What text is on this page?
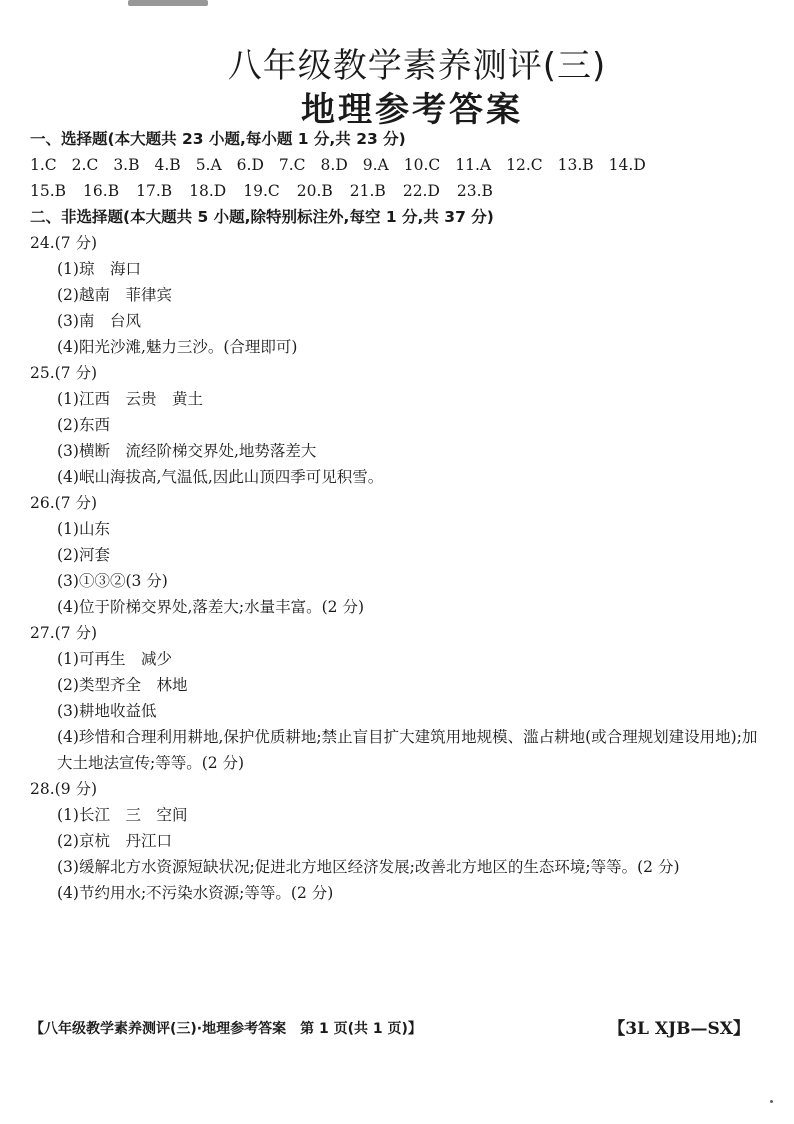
八年级教学素养测评(三)
地理参考答案
一、选择题(本大题共 23 小题,每小题 1 分,共 23 分)
1.C 2.C 3.B 4.B 5.A 6.D 7.C 8.D 9.A 10.C 11.A 12.C 13.B 14.D
15.B 16.B 17.B 18.D 19.C 20.B 21.B 22.D 23.B
二、非选择题(本大题共 5 小题,除特别标注外,每空 1 分,共 37 分)
24.(7 分)
(1)琼　海口
(2)越南　菲律宾
(3)南　台风
(4)阳光沙滩,魅力三沙。(合理即可)
25.(7 分)
(1)江西　云贵　黄土
(2)东西
(3)横断　流经阶梯交界处,地势落差大
(4)岷山海拔高,气温低,因此山顶四季可见积雪。
26.(7 分)
(1)山东
(2)河套
(3)①③②(3 分)
(4)位于阶梯交界处,落差大;水量丰富。(2 分)
27.(7 分)
(1)可再生　减少
(2)类型齐全　林地
(3)耕地收益低
(4)珍惜和合理利用耕地,保护优质耕地;禁止盲目扩大建筑用地规模、滥占耕地(或合理规划建设用地);加大土地法宣传;等等。(2 分)
28.(9 分)
(1)长江　三　空间
(2)京杭　丹江口
(3)缓解北方水资源短缺状况;促进北方地区经济发展;改善北方地区的生态环境;等等。(2 分)
(4)节约用水;不污染水资源;等等。(2 分)
【八年级教学素养测评(三)·地理参考答案　第 1 页(共 1 页)】	【3L XJB—SX】
